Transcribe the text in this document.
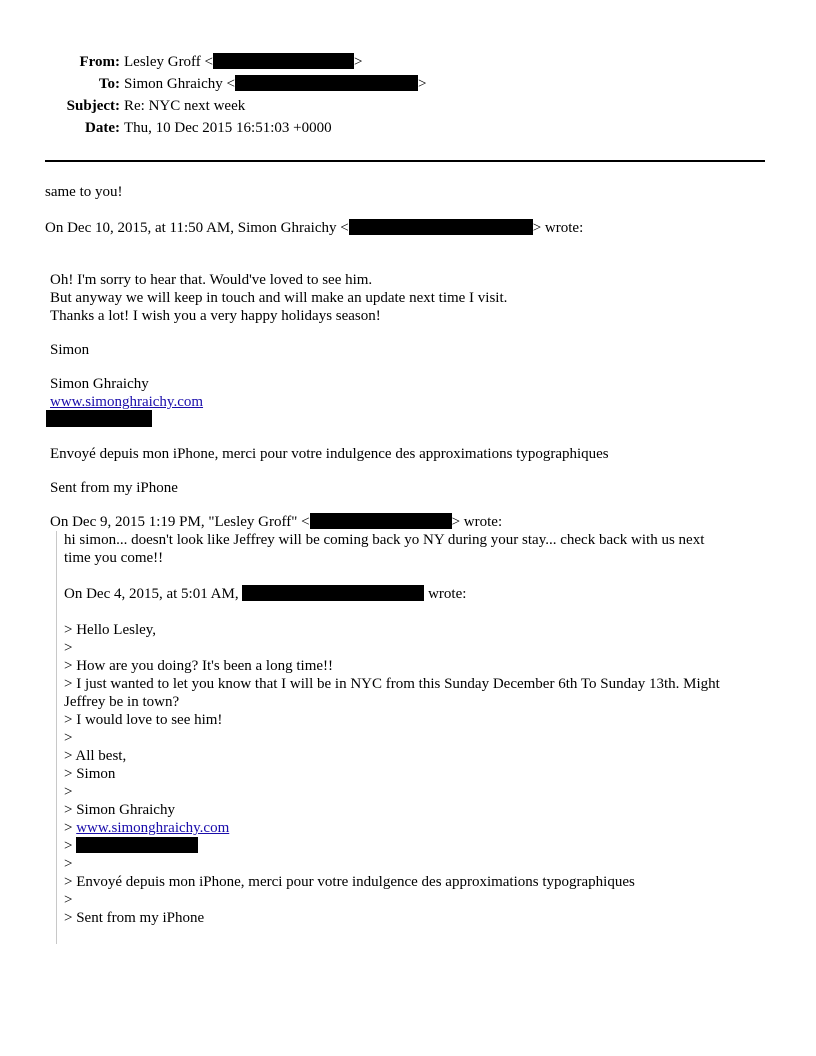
From: Lesley Groff <	>
To: Simon Ghraichy <	>
Subject: Re: NYC next week
Date: Thu, 10 Dec 2015 16:51:03 +0000
same to you!
On Dec 10, 2015, at 11:50 AM, Simon Ghraichy <	> wrote:
Oh! I'm sorry to hear that. Would've loved to see him.
But anyway we will keep in touch and will make an update next time I visit.
Thanks a lot! I wish you a very happy holidays season!
Simon
Simon Ghraichy
www.simonghraichy.com
Envoyé depuis mon iPhone, merci pour votre indulgence des approximations typographiques
Sent from my iPhone
On Dec 9, 2015 1:19 PM, "Lesley Groff" <	> wrote:
hi simon... doesn't look like Jeffrey will be coming back yo NY during your stay... check back with us next
time you come!!
On Dec 4, 2015, at 5:01 AM,	wrote:
> Hello Lesley,
>
> How are you doing? It's been a long time!!
> I just wanted to let you know that I will be in NYC from this Sunday December 6th To Sunday 13th. Might
Jeffrey be in town?
> I would love to see him!
>
> All best,
> Simon
>
> Simon Ghraichy
> www.simonghraichy.com
>
>
> Envoyé depuis mon iPhone, merci pour votre indulgence des approximations typographiques
>
> Sent from my iPhone
